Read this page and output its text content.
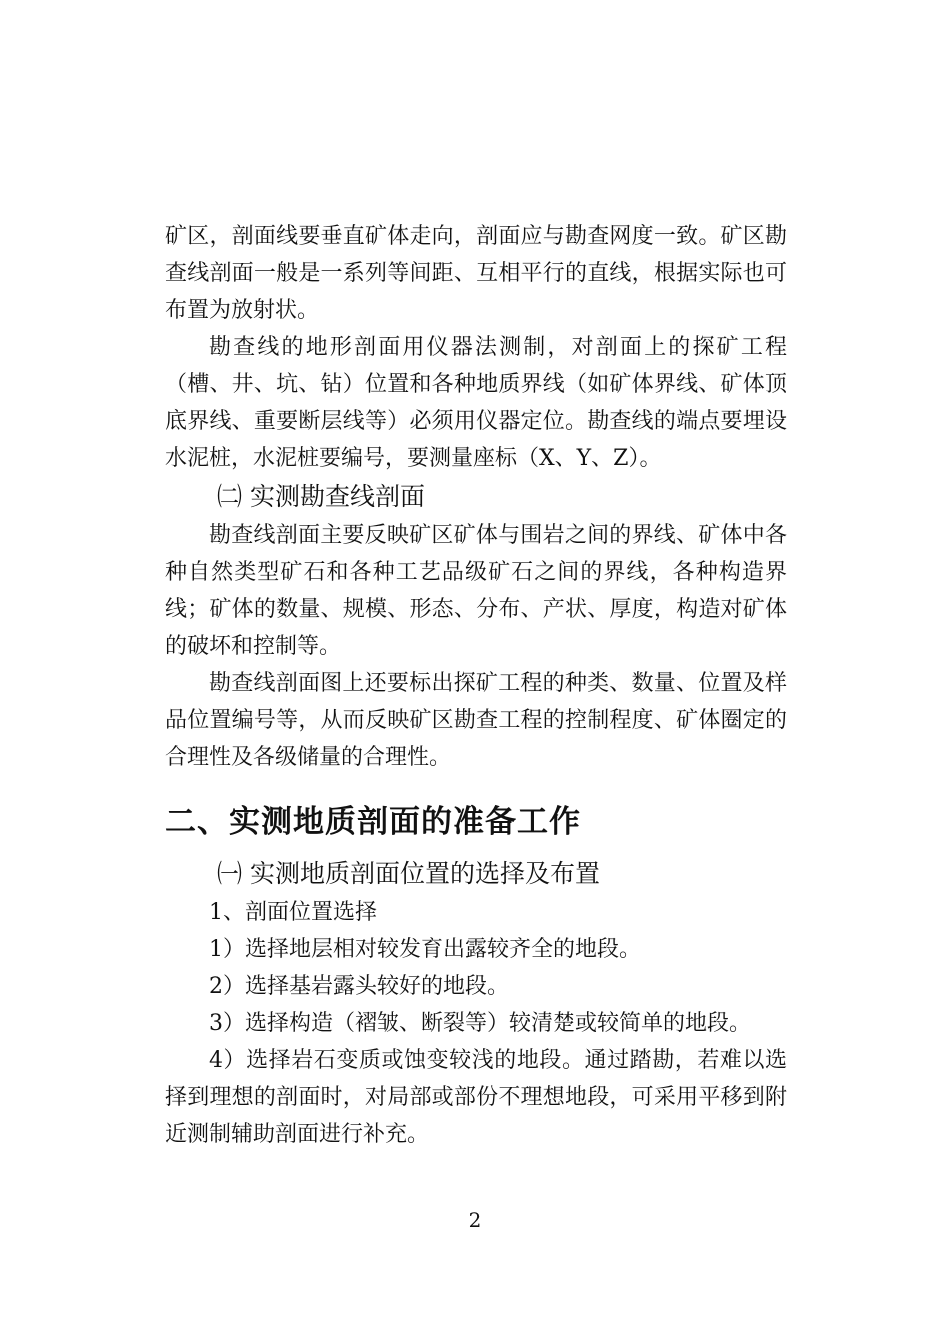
矿区，剖面线要垂直矿体走向，剖面应与勘查网度一致。矿区勘查线剖面一般是一系列等间距、互相平行的直线，根据实际也可布置为放射状。

勘查线的地形剖面用仪器法测制，对剖面上的探矿工程（槽、井、坑、钻）位置和各种地质界线（如矿体界线、矿体顶底界线、重要断层线等）必须用仪器定位。勘查线的端点要埋设水泥桩，水泥桩要编号，要测量座标（X、Y、Z）。

㈡ 实测勘查线剖面

勘查线剖面主要反映矿区矿体与围岩之间的界线、矿体中各种自然类型矿石和各种工艺品级矿石之间的界线，各种构造界线；矿体的数量、规模、形态、分布、产状、厚度，构造对矿体的破坏和控制等。

勘查线剖面图上还要标出探矿工程的种类、数量、位置及样品位置编号等，从而反映矿区勘查工程的控制程度、矿体圈定的合理性及各级储量的合理性。

二、实测地质剖面的准备工作

㈠ 实测地质剖面位置的选择及布置

1、剖面位置选择

1）选择地层相对较发育出露较齐全的地段。

2）选择基岩露头较好的地段。

3）选择构造（褶皱、断裂等）较清楚或较简单的地段。

4）选择岩石变质或蚀变较浅的地段。通过踏勘，若难以选择到理想的剖面时，对局部或部份不理想地段，可采用平移到附近测制辅助剖面进行补充。

2
